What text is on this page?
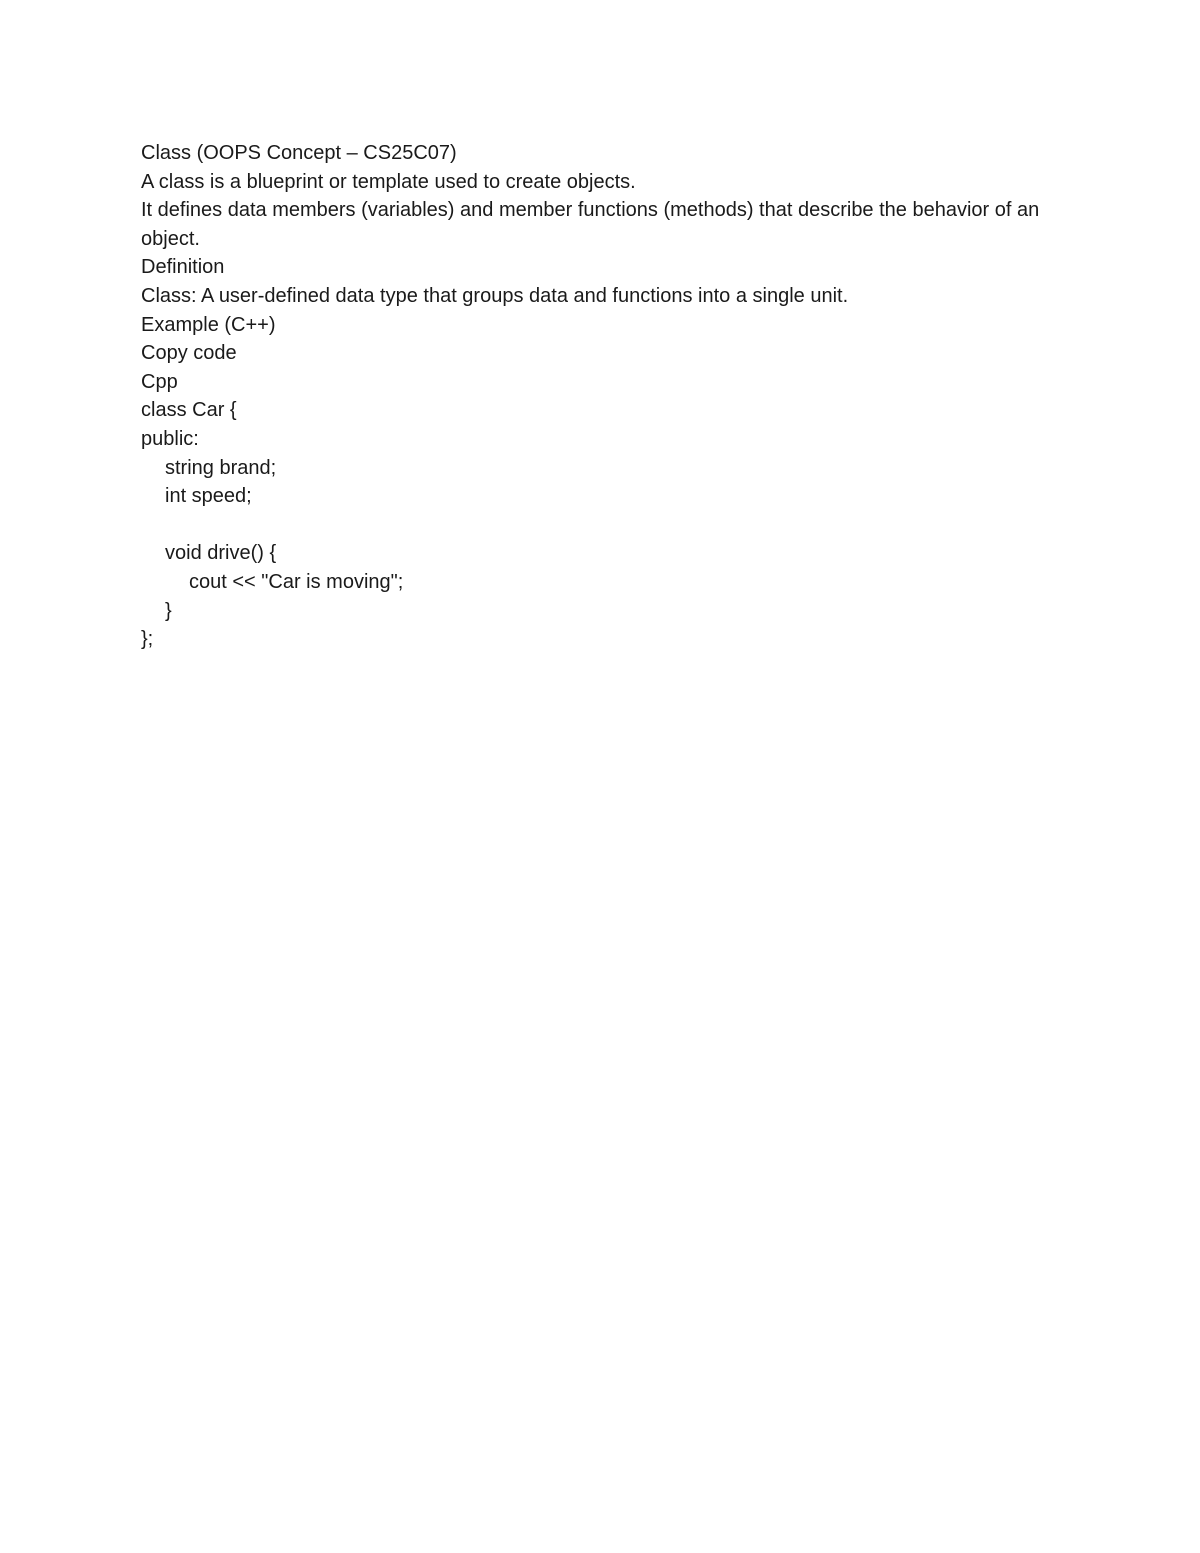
Class (OOPS Concept – CS25C07)
A class is a blueprint or template used to create objects.
It defines data members (variables) and member functions (methods) that describe the behavior of an object.
Definition
Class: A user-defined data type that groups data and functions into a single unit.
Example (C++)
Copy code
Cpp
class Car {
public:
string brand;
int speed;
void drive() {
cout << "Car is moving";
}
};
